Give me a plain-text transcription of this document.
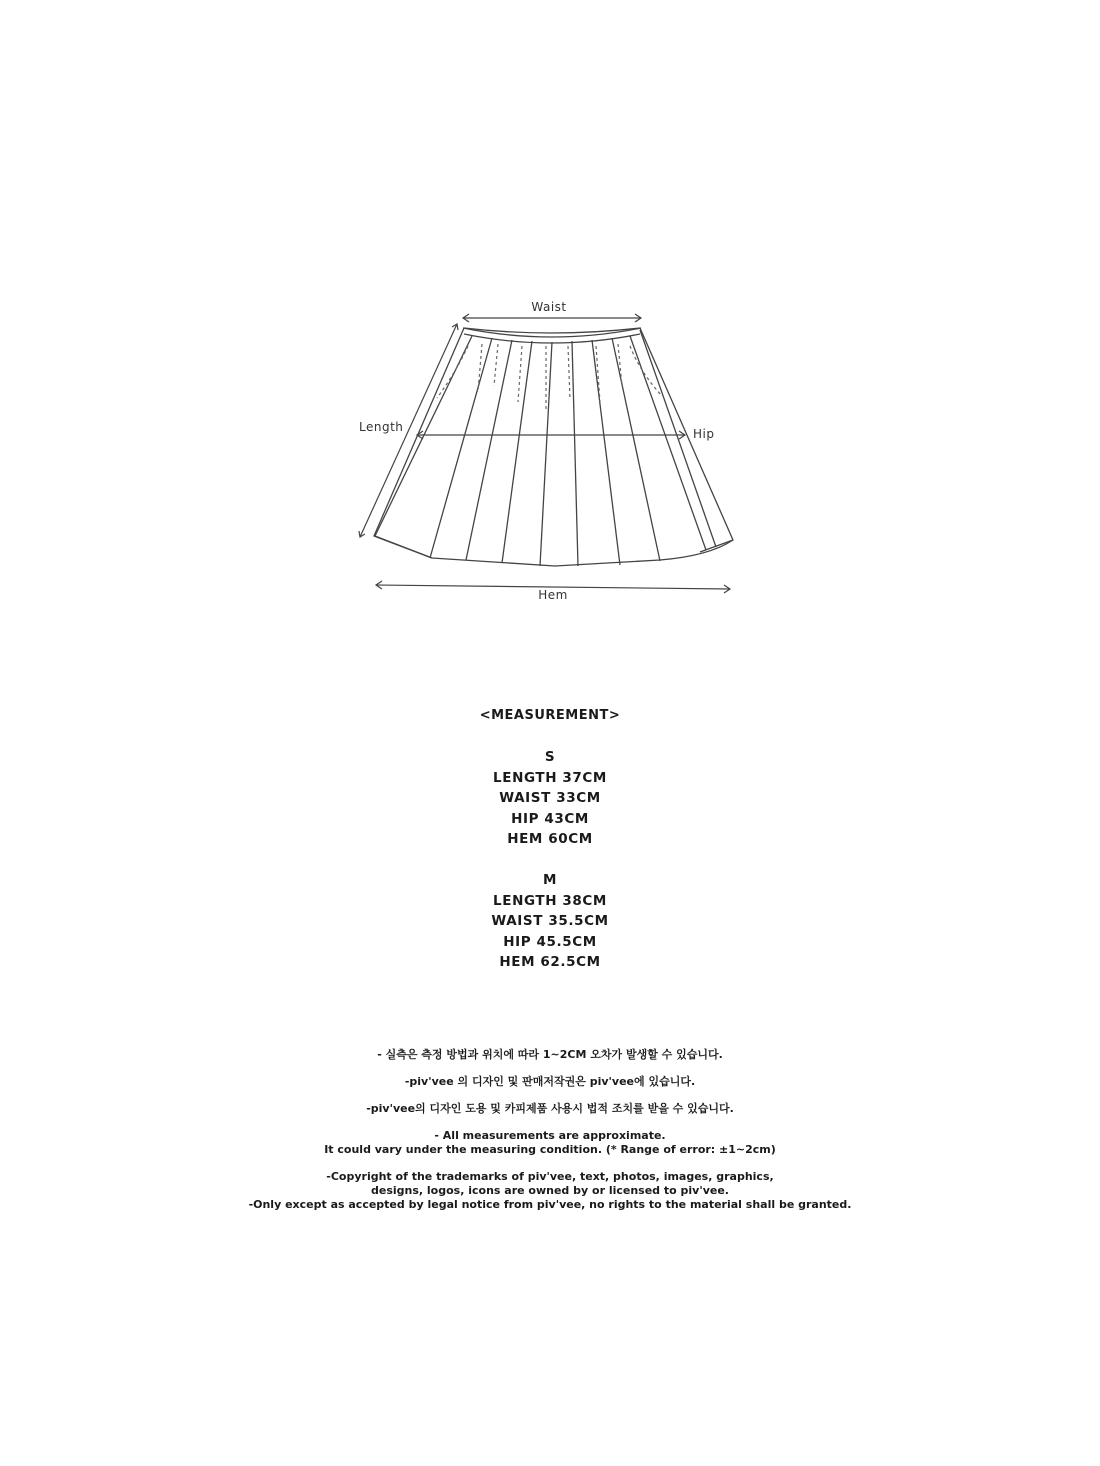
Waist
Hip
Length
Hem
<MEASUREMENT>
S
LENGTH 37CM
WAIST 33CM
HIP 43CM
HEM 60CM
M
LENGTH 38CM
WAIST 35.5CM
HIP 45.5CM
HEM 62.5CM
- 실측은 측정 방법과 위치에 따라 1~2CM 오차가 발생할 수 있습니다.
-piv'vee 의 디자인 및 판매저작권은 piv'vee에 있습니다.
-piv'vee의 디자인 도용 및 카피제품 사용시 법적 조치를 받을 수 있습니다.
- All measurements are approximate.
It could vary under the measuring condition. (* Range of error: ±1~2cm)
-Copyright of the trademarks of piv'vee, text, photos, images, graphics,
designs, logos, icons are owned by or licensed to piv'vee.
-Only except as accepted by legal notice from piv'vee, no rights to the material shall be granted.
